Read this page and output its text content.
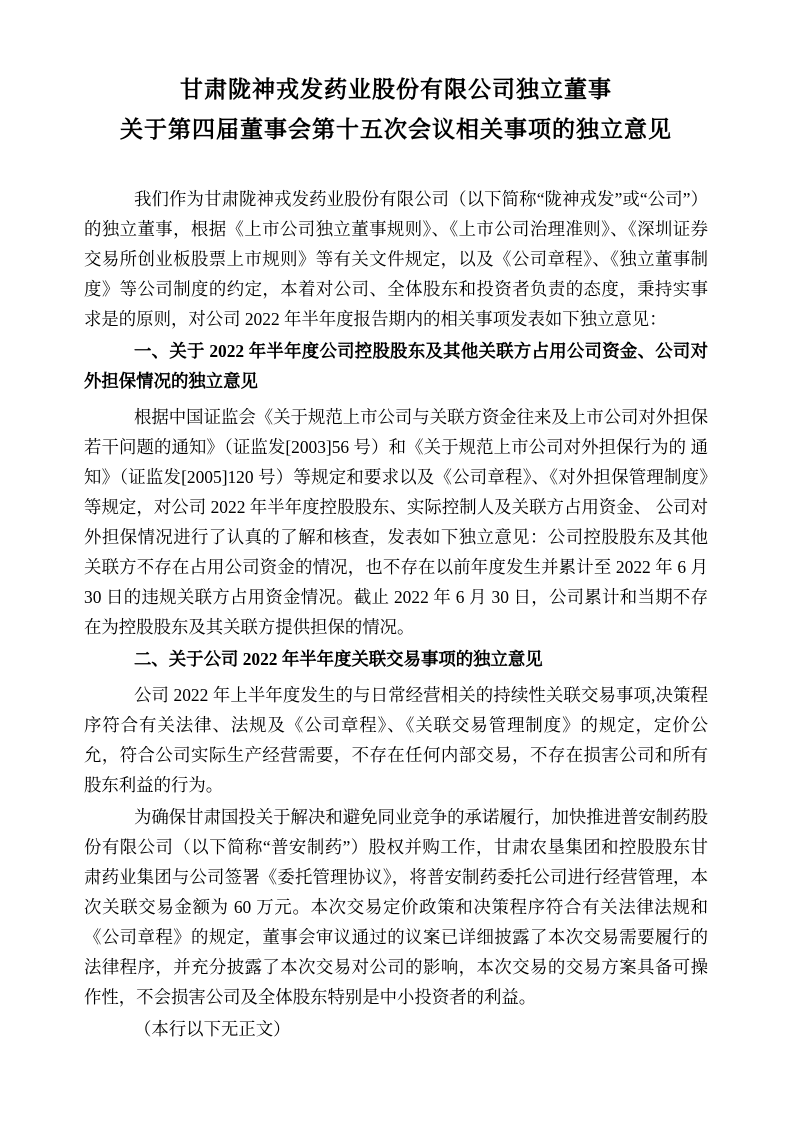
甘肃陇神戎发药业股份有限公司独立董事
关于第四届董事会第十五次会议相关事项的独立意见

我们作为甘肃陇神戎发药业股份有限公司（以下简称“陇神戎发”或“公司”）的独立董事，根据《上市公司独立董事规则》、《上市公司治理准则》、《深圳证券交易所创业板股票上市规则》等有关文件规定，以及《公司章程》、《独立董事制度》等公司制度的约定，本着对公司、全体股东和投资者负责的态度，秉持实事求是的原则，对公司 2022 年半年度报告期内的相关事项发表如下独立意见：

一、关于 2022 年半年度公司控股股东及其他关联方占用公司资金、公司对外担保情况的独立意见

根据中国证监会《关于规范上市公司与关联方资金往来及上市公司对外担保若干问题的通知》（证监发[2003]56 号）和《关于规范上市公司对外担保行为的 通知》（证监发[2005]120 号）等规定和要求以及《公司章程》、《对外担保管理制度》等规定，对公司 2022 年半年度控股股东、实际控制人及关联方占用资金、 公司对外担保情况进行了认真的了解和核查，发表如下独立意见：公司控股股东及其他关联方不存在占用公司资金的情况，也不存在以前年度发生并累计至 2022 年 6 月 30 日的违规关联方占用资金情况。截止 2022 年 6 月 30 日，公司累计和当期不存在为控股股东及其关联方提供担保的情况。

二、关于公司 2022 年半年度关联交易事项的独立意见

公司 2022 年上半年度发生的与日常经营相关的持续性关联交易事项,决策程序符合有关法律、法规及《公司章程》、《关联交易管理制度》的规定，定价公允，符合公司实际生产经营需要，不存在任何内部交易，不存在损害公司和所有股东利益的行为。

为确保甘肃国投关于解决和避免同业竞争的承诺履行，加快推进普安制药股份有限公司（以下简称“普安制药”）股权并购工作，甘肃农垦集团和控股股东甘肃药业集团与公司签署《委托管理协议》，将普安制药委托公司进行经营管理，本次关联交易金额为 60 万元。本次交易定价政策和决策程序符合有关法律法规和《公司章程》的规定，董事会审议通过的议案已详细披露了本次交易需要履行的法律程序，并充分披露了本次交易对公司的影响，本次交易的交易方案具备可操作性，不会损害公司及全体股东特别是中小投资者的利益。

（本行以下无正文）
